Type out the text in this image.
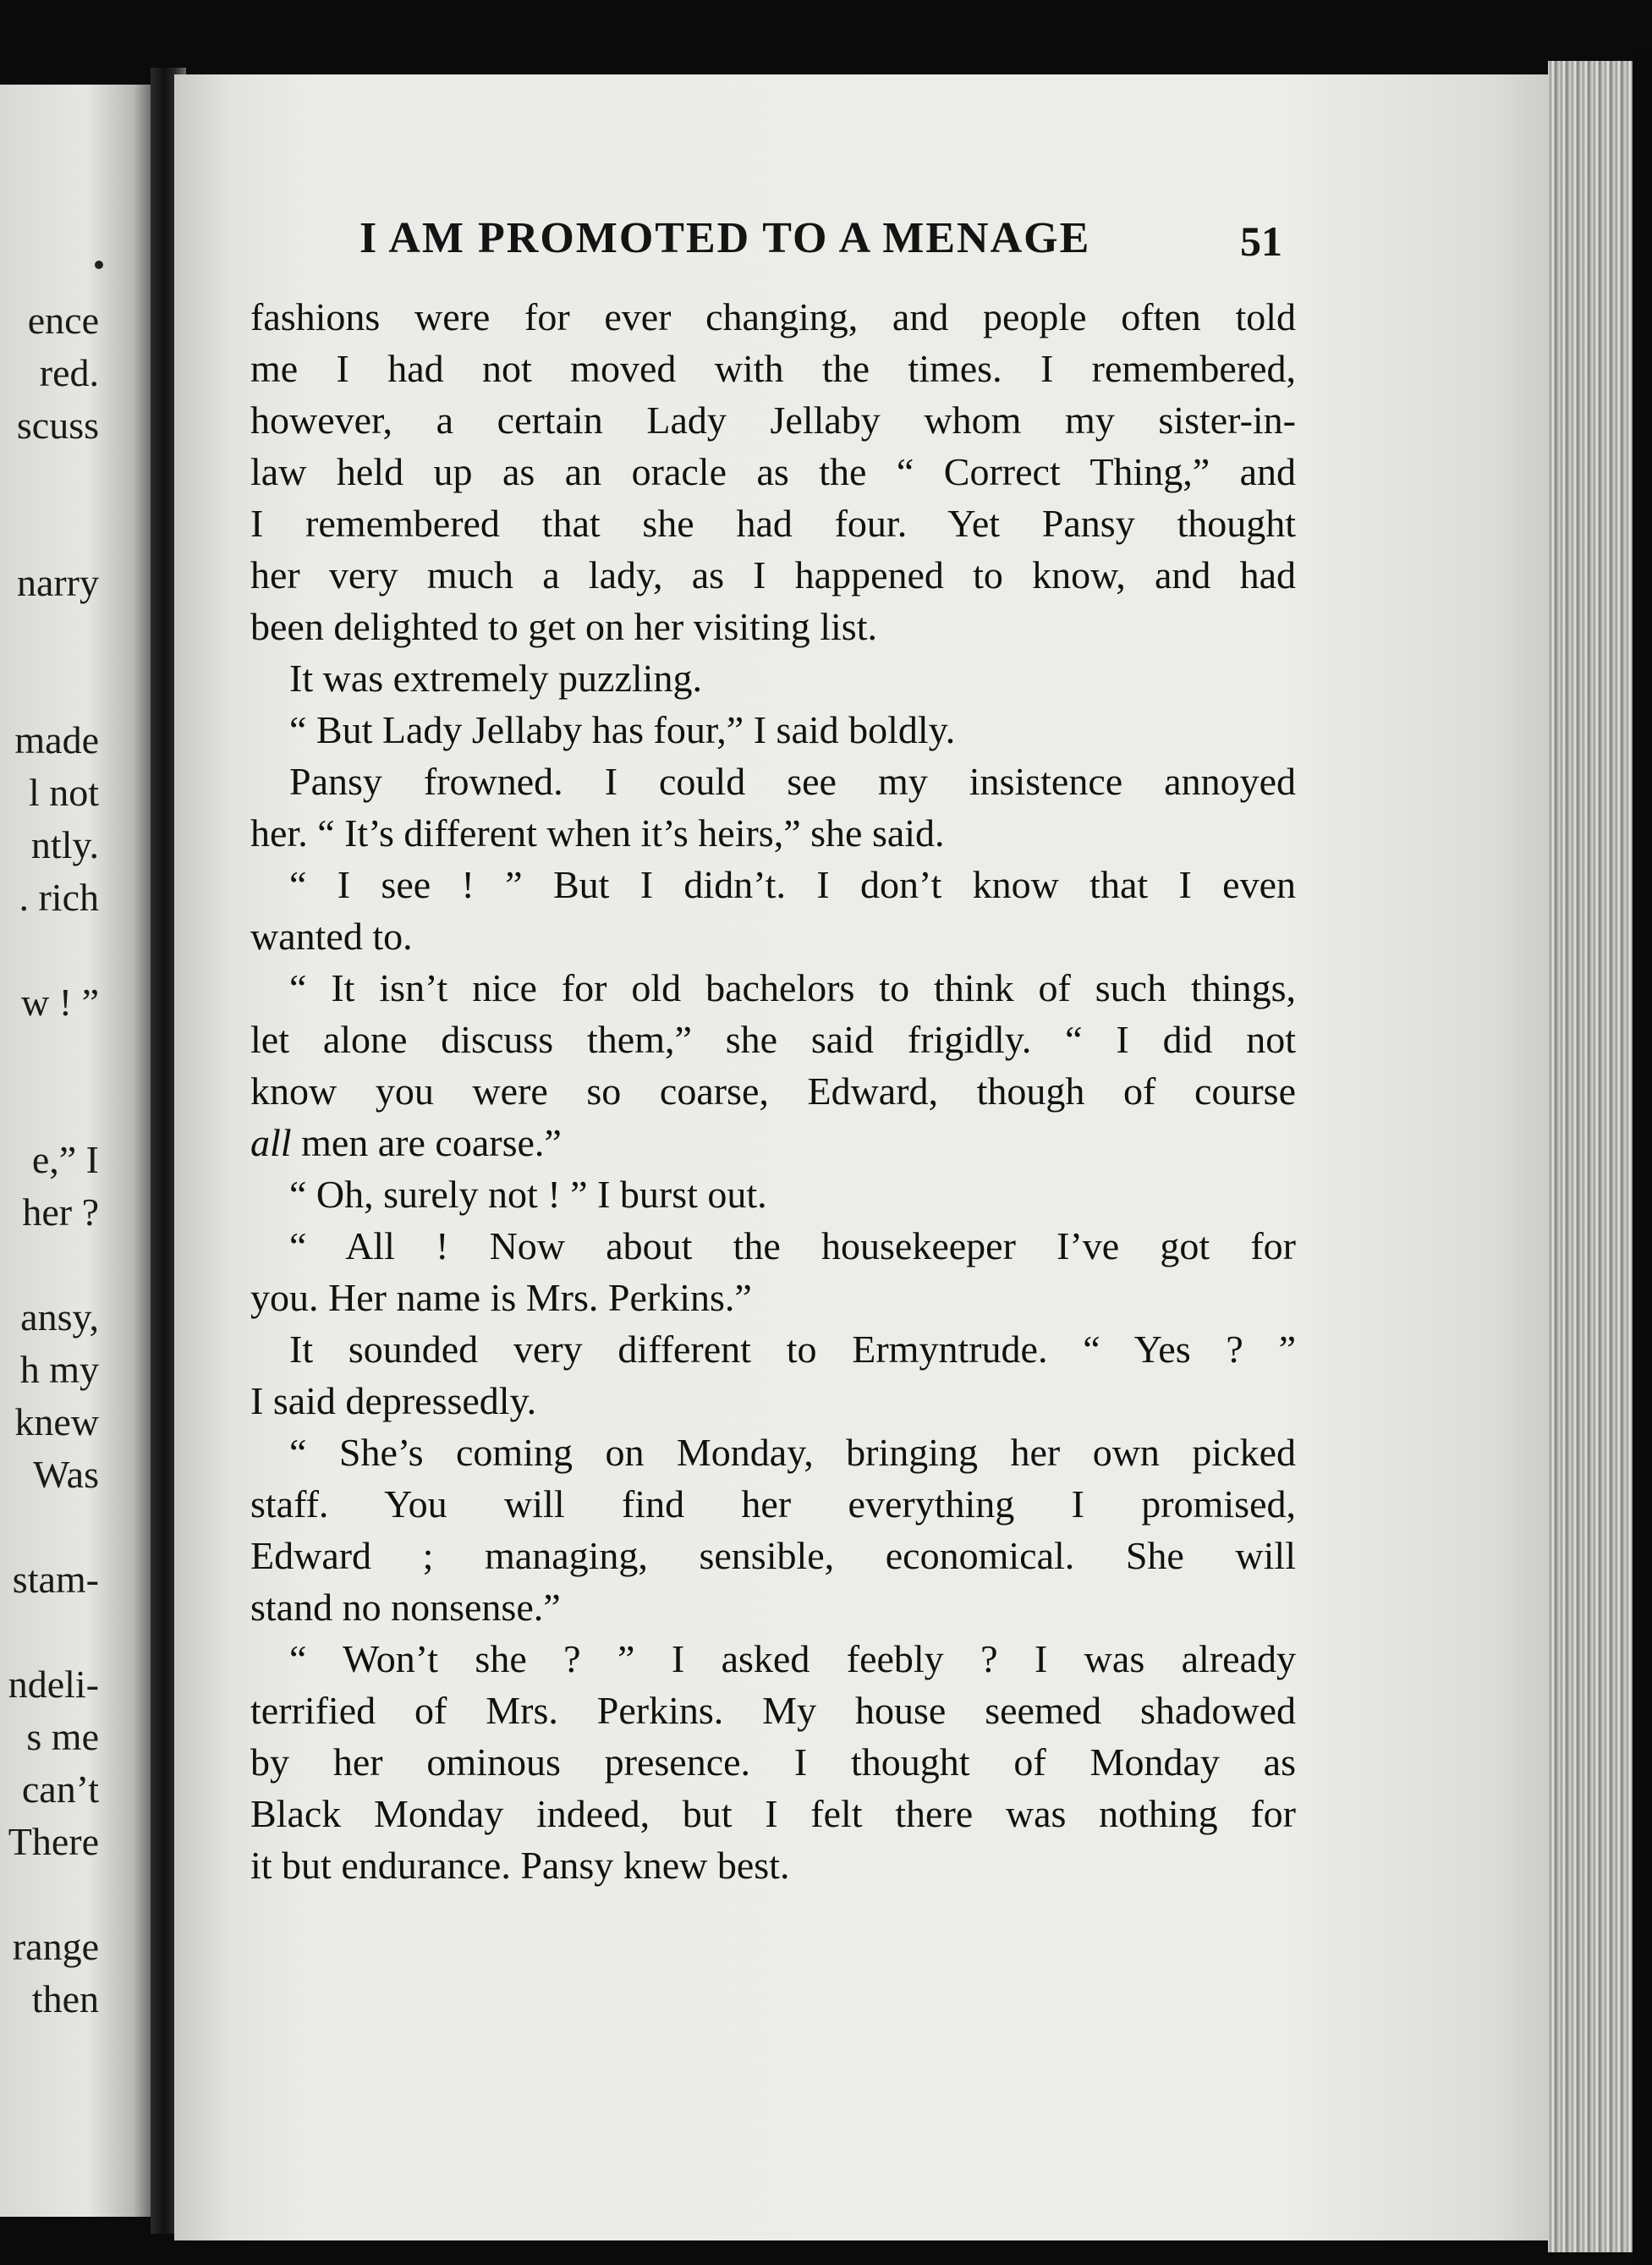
ence

red.

scuss

narry

made

l not

ntly.

. rich

w ! ”

e,” I

her ?

ansy,

h my

knew

Was

stam-

ndeli-

s me

can’t

There

range

then

I AM PROMOTED TO A MENAGE	51

fashions were for ever changing, and people often told

me I had not moved with the times. I remembered,

however, a certain Lady Jellaby whom my sister-in-

law held up as an oracle as the “ Correct Thing,” and

I remembered that she had four. Yet Pansy thought

her very much a lady, as I happened to know, and had

been delighted to get on her visiting list.

It was extremely puzzling.

“ But Lady Jellaby has four,” I said boldly.

Pansy frowned. I could see my insistence annoyed

her. “ It’s different when it’s heirs,” she said.

“ I see ! ” But I didn’t. I don’t know that I even

wanted to.

“ It isn’t nice for old bachelors to think of such things,

let alone discuss them,” she said frigidly. “ I did not

know you were so coarse, Edward, though of course

all men are coarse.”

“ Oh, surely not ! ” I burst out.

“ All ! Now about the housekeeper I’ve got for

you. Her name is Mrs. Perkins.”

It sounded very different to Ermyntrude. “ Yes ? ”

I said depressedly.

“ She’s coming on Monday, bringing her own picked

staff. You will find her everything I promised,

Edward ; managing, sensible, economical. She will

stand no nonsense.”

“ Won’t she ? ” I asked feebly ? I was already

terrified of Mrs. Perkins. My house seemed shadowed

by her ominous presence. I thought of Monday as

Black Monday indeed, but I felt there was nothing for

it but endurance. Pansy knew best.
